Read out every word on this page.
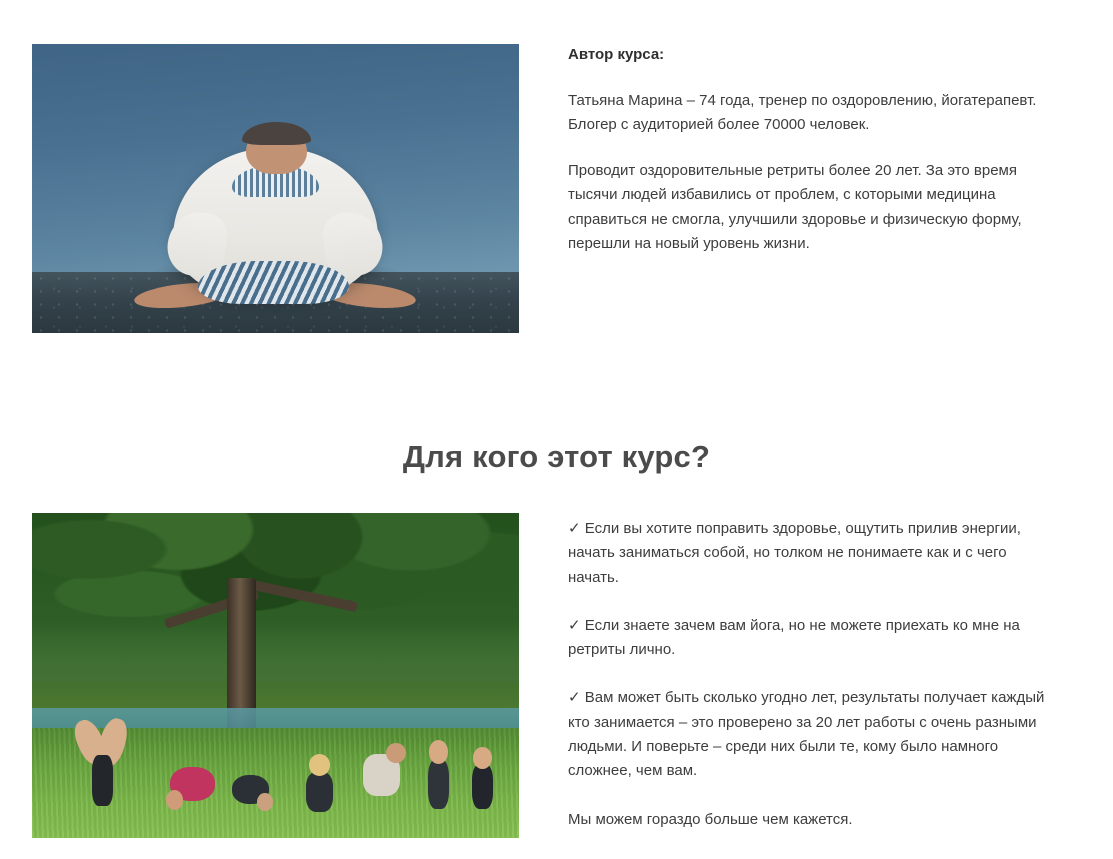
Автор курса:

Татьяна Марина – 74 года, тренер по оздоровлению, йогатерапевт. Блогер с аудиторией более 70000 человек.

Проводит оздоровительные ретриты более 20 лет. За это время тысячи людей избавились от проблем, с которыми медицина справиться не смогла, улучшили здоровье и физическую форму, перешли на новый уровень жизни.

Для кого этот курс?

✓ Если вы хотите поправить здоровье, ощутить прилив энергии, начать заниматься собой, но толком не понимаете как и с чего начать.

✓ Если знаете зачем вам йога, но не можете приехать ко мне на ретриты лично.

✓ Вам может быть сколько угодно лет, результаты получает каждый кто занимается – это проверено за 20 лет работы с очень разными людьми. И поверьте – среди них были те, кому было намного сложнее, чем вам.

Мы можем гораздо больше чем кажется.
